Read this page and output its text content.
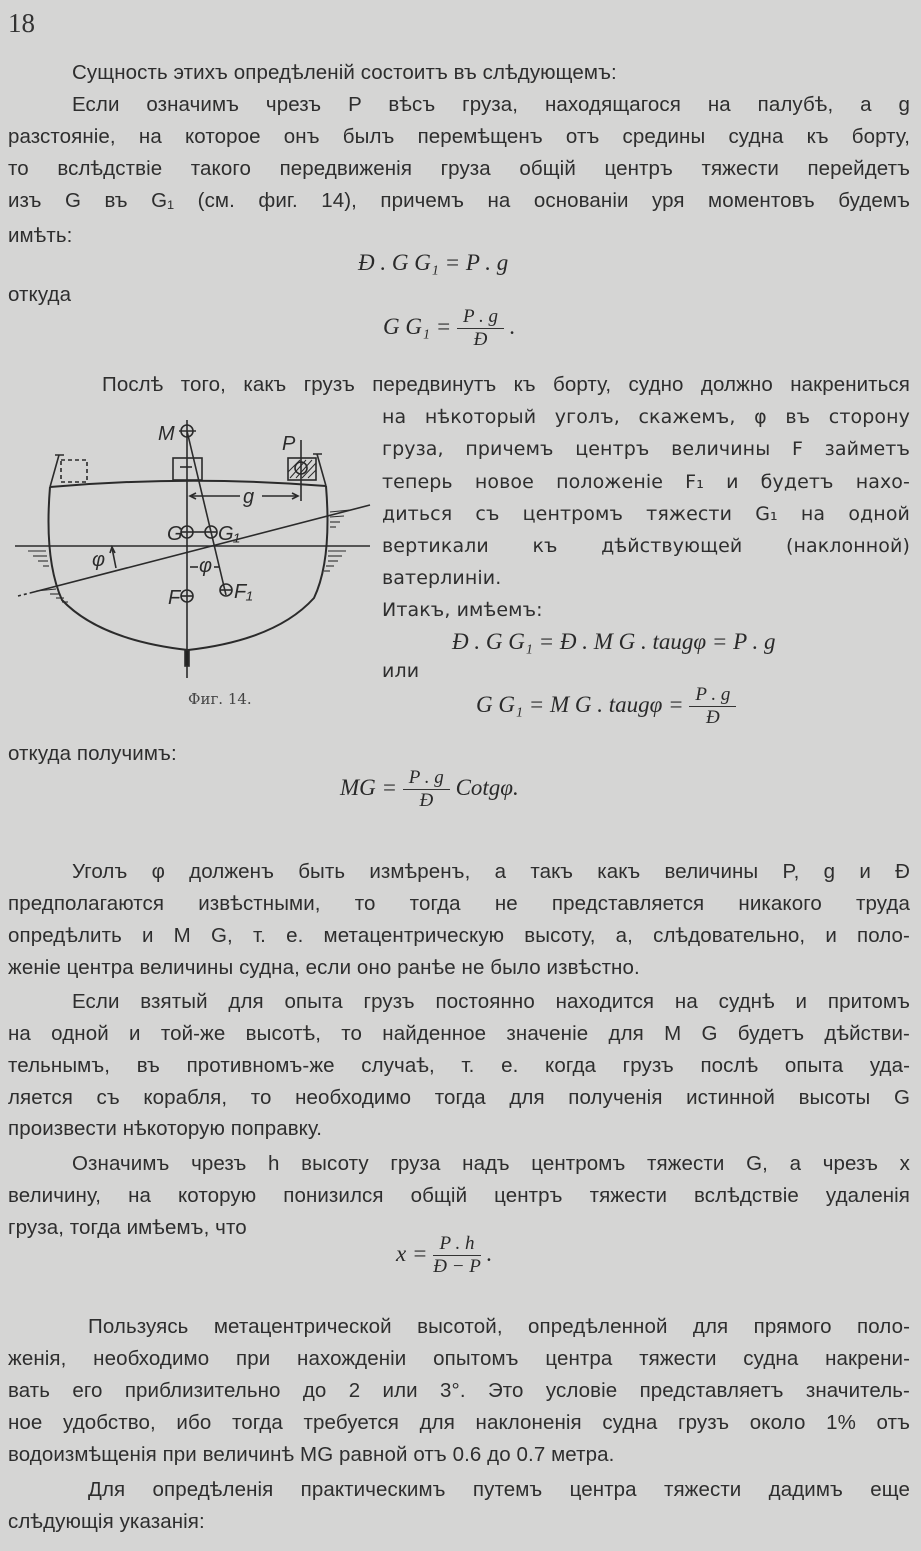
18
Сущность этихъ опредѣленій состоитъ въ слѣдующемъ:
Если означимъ чрезъ P вѣсъ груза, находящагося на палубѣ, а g
разстояніе, на которое онъ былъ перемѣщенъ отъ средины судна къ борту,
то вслѣдствіе такого передвиженія груза общій центръ тяжести перейдетъ
изъ G въ G₁ (см. фиг. 14), причемъ на основаніи уря моментовъ будемъ
имѣть:
Ð . G G₁ = P . g
откуда
G $G_1 = \frac{P . g}{Ð}$ .
Послѣ того, какъ грузъ передвинутъ къ борту, судно должно накрениться
на нѣкоторый уголъ, скажемъ, φ въ сторону
груза, причемъ центръ величины F займетъ
теперь новое положеніе F₁ и будетъ нахо-
диться съ центромъ тяжести G₁ на одной
вертикали къ дѣйствующей (наклонной)
ватерлиніи.
Итакъ, имѣемъ:
Ð . G G₁ = Ð . M G . taugφ = P . g
или
G G₁ = M G . taugφ = $\frac{P . g}{Ð}$
M	P
g
G G₁
φ	φ
F	F₁
Фиг. 14.
откуда получимъ:
MG = $\frac{P . g}{Ð}$ Cotgφ.
Уголъ φ долженъ быть измѣренъ, а такъ какъ величины P, g и Ð
предполагаются извѣстными, то тогда не представляется никакого труда
опредѣлить и M G, т. е. метацентрическую высоту, а, слѣдовательно, и поло-
женіе центра величины судна, если оно ранѣе не было извѣстно.
Если взятый для опыта грузъ постоянно находится на суднѣ и притомъ
на одной и той-же высотѣ, то найденное значеніе для M G будетъ дѣйстви-
тельнымъ, въ противномъ-же случаѣ, т. е. когда грузъ послѣ опыта уда-
ляется съ корабля, то необходимо тогда для полученія истинной высоты G
произвести нѣкоторую поправку.
Означимъ чрезъ h высоту груза надъ центромъ тяжести G, а чрезъ x
величину, на которую понизился общій центръ тяжести вслѣдствіе удаленія
груза, тогда имѣемъ, что
$x = \frac{P . h}{Ð - P}$ .
Пользуясь метацентрической высотой, опредѣленной для прямого поло-
женія, необходимо при нахожденіи опытомъ центра тяжести судна накрени-
вать его приблизительно до 2 или 3°. Это условіе представляетъ значитель-
ное удобство, ибо тогда требуется для наклоненія судна грузъ около 1% отъ
водоизмѣщенія при величинѣ MG равной отъ 0.6 до 0.7 метра.
Для опредѣленія практическимъ путемъ центра тяжести дадимъ еще
слѣдующія указанія:
